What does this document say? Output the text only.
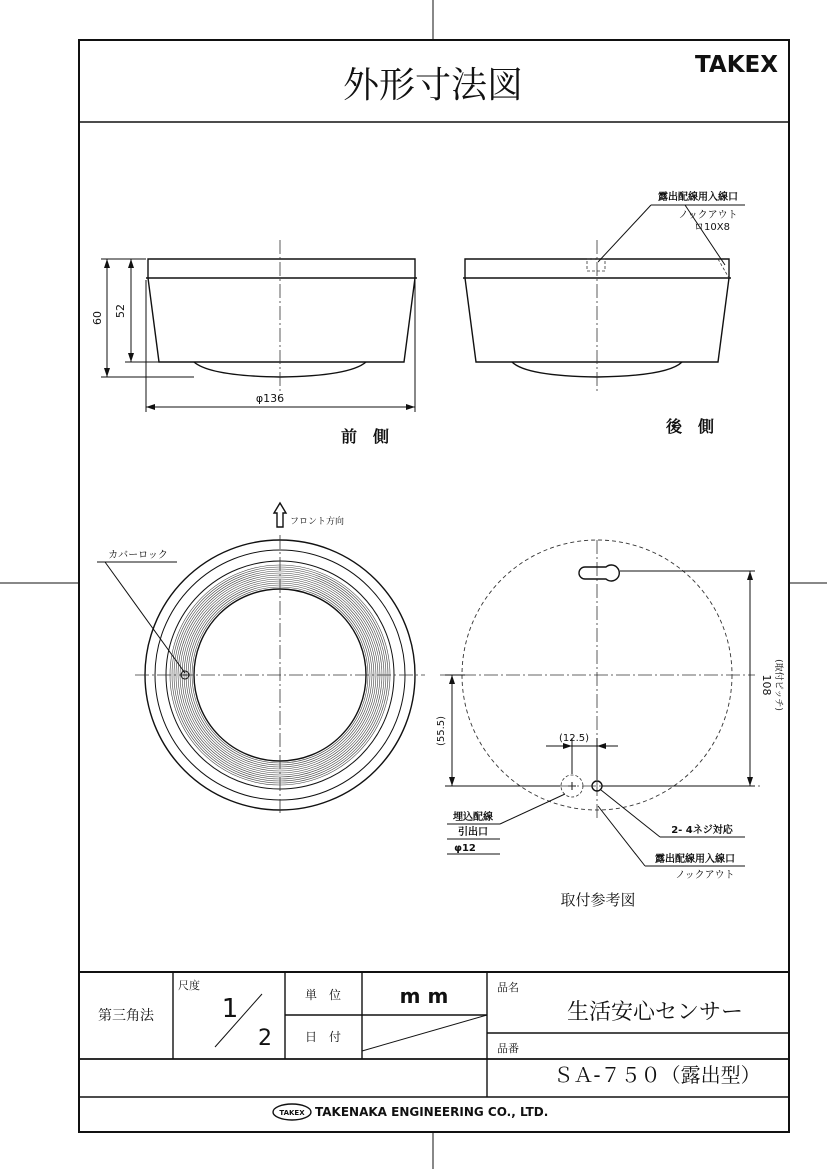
外形寸法図	TAKEX
60 52
φ136
前　側
露出配線用入線口
ノックアウト
ロ10X8
後　側
フロント方向
カバーロック
108 (取付ピッチ)
(55.5)	(12.5)
埋込配線
引出口
φ12
2- 4ネジ対応
露出配線用入線口
ノックアウト
取付参考図
第三角法
尺度
1
2
単　位	m m
日　付
品名
生活安心センサー
品番
ＳＡ-７５０（露出型）
TAKEX TAKENAKA ENGINEERING CO., LTD.
